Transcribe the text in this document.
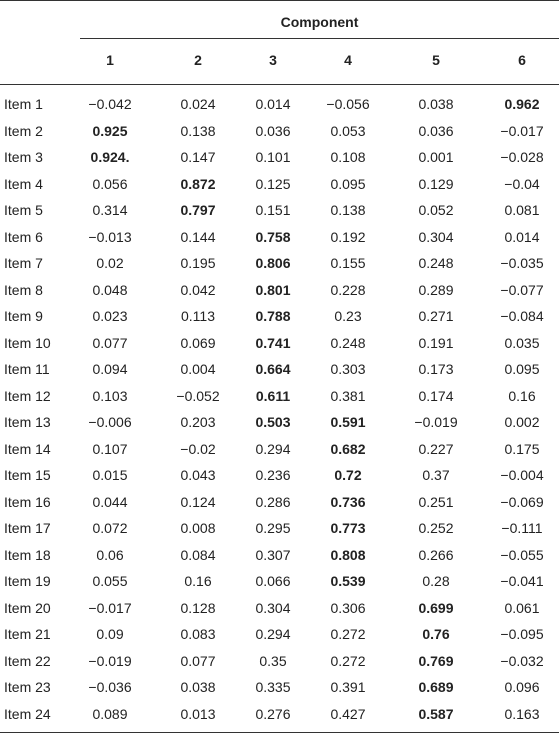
Component
1	2	3	4	5	6
Item 1	−0.042	0.024	0.014	−0.056	0.038	0.962
Item 2	0.925	0.138	0.036	0.053	0.036	−0.017
Item 3	0.924.	0.147	0.101	0.108	0.001	−0.028
Item 4	0.056	0.872	0.125	0.095	0.129	−0.04
Item 5	0.314	0.797	0.151	0.138	0.052	0.081
Item 6	−0.013	0.144	0.758	0.192	0.304	0.014
Item 7	0.02	0.195	0.806	0.155	0.248	−0.035
Item 8	0.048	0.042	0.801	0.228	0.289	−0.077
Item 9	0.023	0.113	0.788	0.23	0.271	−0.084
Item 10	0.077	0.069	0.741	0.248	0.191	0.035
Item 11	0.094	0.004	0.664	0.303	0.173	0.095
Item 12	0.103	−0.052	0.611	0.381	0.174	0.16
Item 13	−0.006	0.203	0.503	0.591	−0.019	0.002
Item 14	0.107	−0.02	0.294	0.682	0.227	0.175
Item 15	0.015	0.043	0.236	0.72	0.37	−0.004
Item 16	0.044	0.124	0.286	0.736	0.251	−0.069
Item 17	0.072	0.008	0.295	0.773	0.252	−0.111
Item 18	0.06	0.084	0.307	0.808	0.266	−0.055
Item 19	0.055	0.16	0.066	0.539	0.28	−0.041
Item 20	−0.017	0.128	0.304	0.306	0.699	0.061
Item 21	0.09	0.083	0.294	0.272	0.76	−0.095
Item 22	−0.019	0.077	0.35	0.272	0.769	−0.032
Item 23	−0.036	0.038	0.335	0.391	0.689	0.096
Item 24	0.089	0.013	0.276	0.427	0.587	0.163
